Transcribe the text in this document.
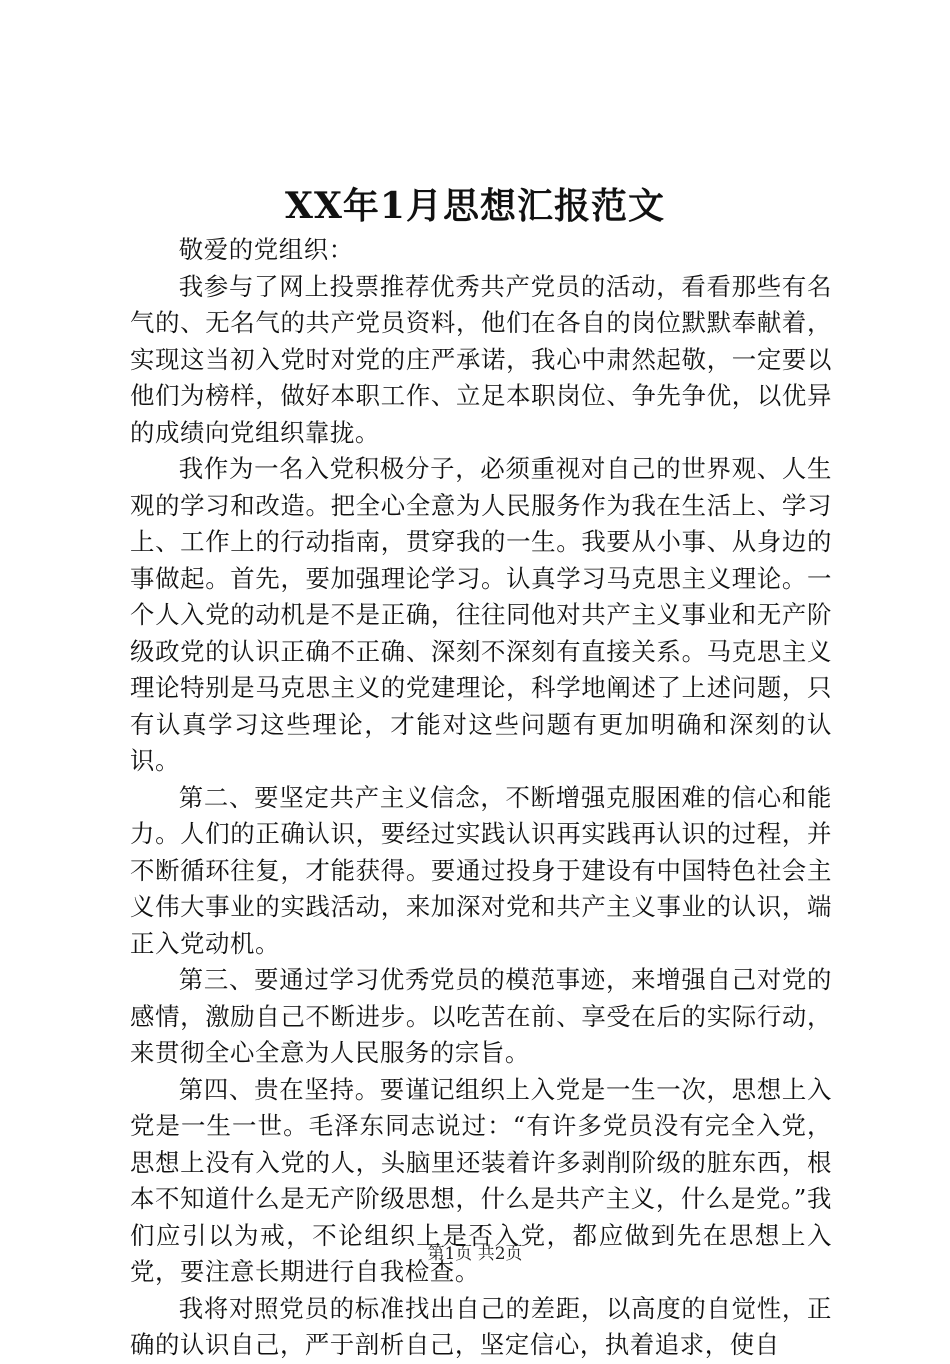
XX年1月思想汇报范文

敬爱的党组织：

我参与了网上投票推荐优秀共产党员的活动，看看那些有名气的、无名气的共产党员资料，他们在各自的岗位默默奉献着，实现这当初入党时对党的庄严承诺，我心中肃然起敬，一定要以他们为榜样，做好本职工作、立足本职岗位、争先争优，以优异的成绩向党组织靠拢。

我作为一名入党积极分子，必须重视对自己的世界观、人生观的学习和改造。把全心全意为人民服务作为我在生活上、学习上、工作上的行动指南，贯穿我的一生。我要从小事、从身边的事做起。首先，要加强理论学习。认真学习马克思主义理论。一个人入党的动机是不是正确，往往同他对共产主义事业和无产阶级政党的认识正确不正确、深刻不深刻有直接关系。马克思主义理论特别是马克思主义的党建理论，科学地阐述了上述问题，只有认真学习这些理论，才能对这些问题有更加明确和深刻的认识。

第二、要坚定共产主义信念，不断增强克服困难的信心和能力。人们的正确认识，要经过实践认识再实践再认识的过程，并不断循环往复，才能获得。要通过投身于建设有中国特色社会主义伟大事业的实践活动，来加深对党和共产主义事业的认识，端正入党动机。

第三、要通过学习优秀党员的模范事迹，来增强自己对党的感情，激励自己不断进步。以吃苦在前、享受在后的实际行动，来贯彻全心全意为人民服务的宗旨。

第四、贵在坚持。要谨记组织上入党是一生一次，思想上入党是一生一世。毛泽东同志说过：“有许多党员没有完全入党，思想上没有入党的人，头脑里还装着许多剥削阶级的脏东西，根本不知道什么是无产阶级思想，什么是共产主义，什么是党。”我们应引以为戒，不论组织上是否入党，都应做到先在思想上入党，要注意长期进行自我检查。

我将对照党员的标准找出自己的差距，以高度的自觉性，正确的认识自己，严于剖析自己，坚定信心，执着追求，使自

第1页 共2页
